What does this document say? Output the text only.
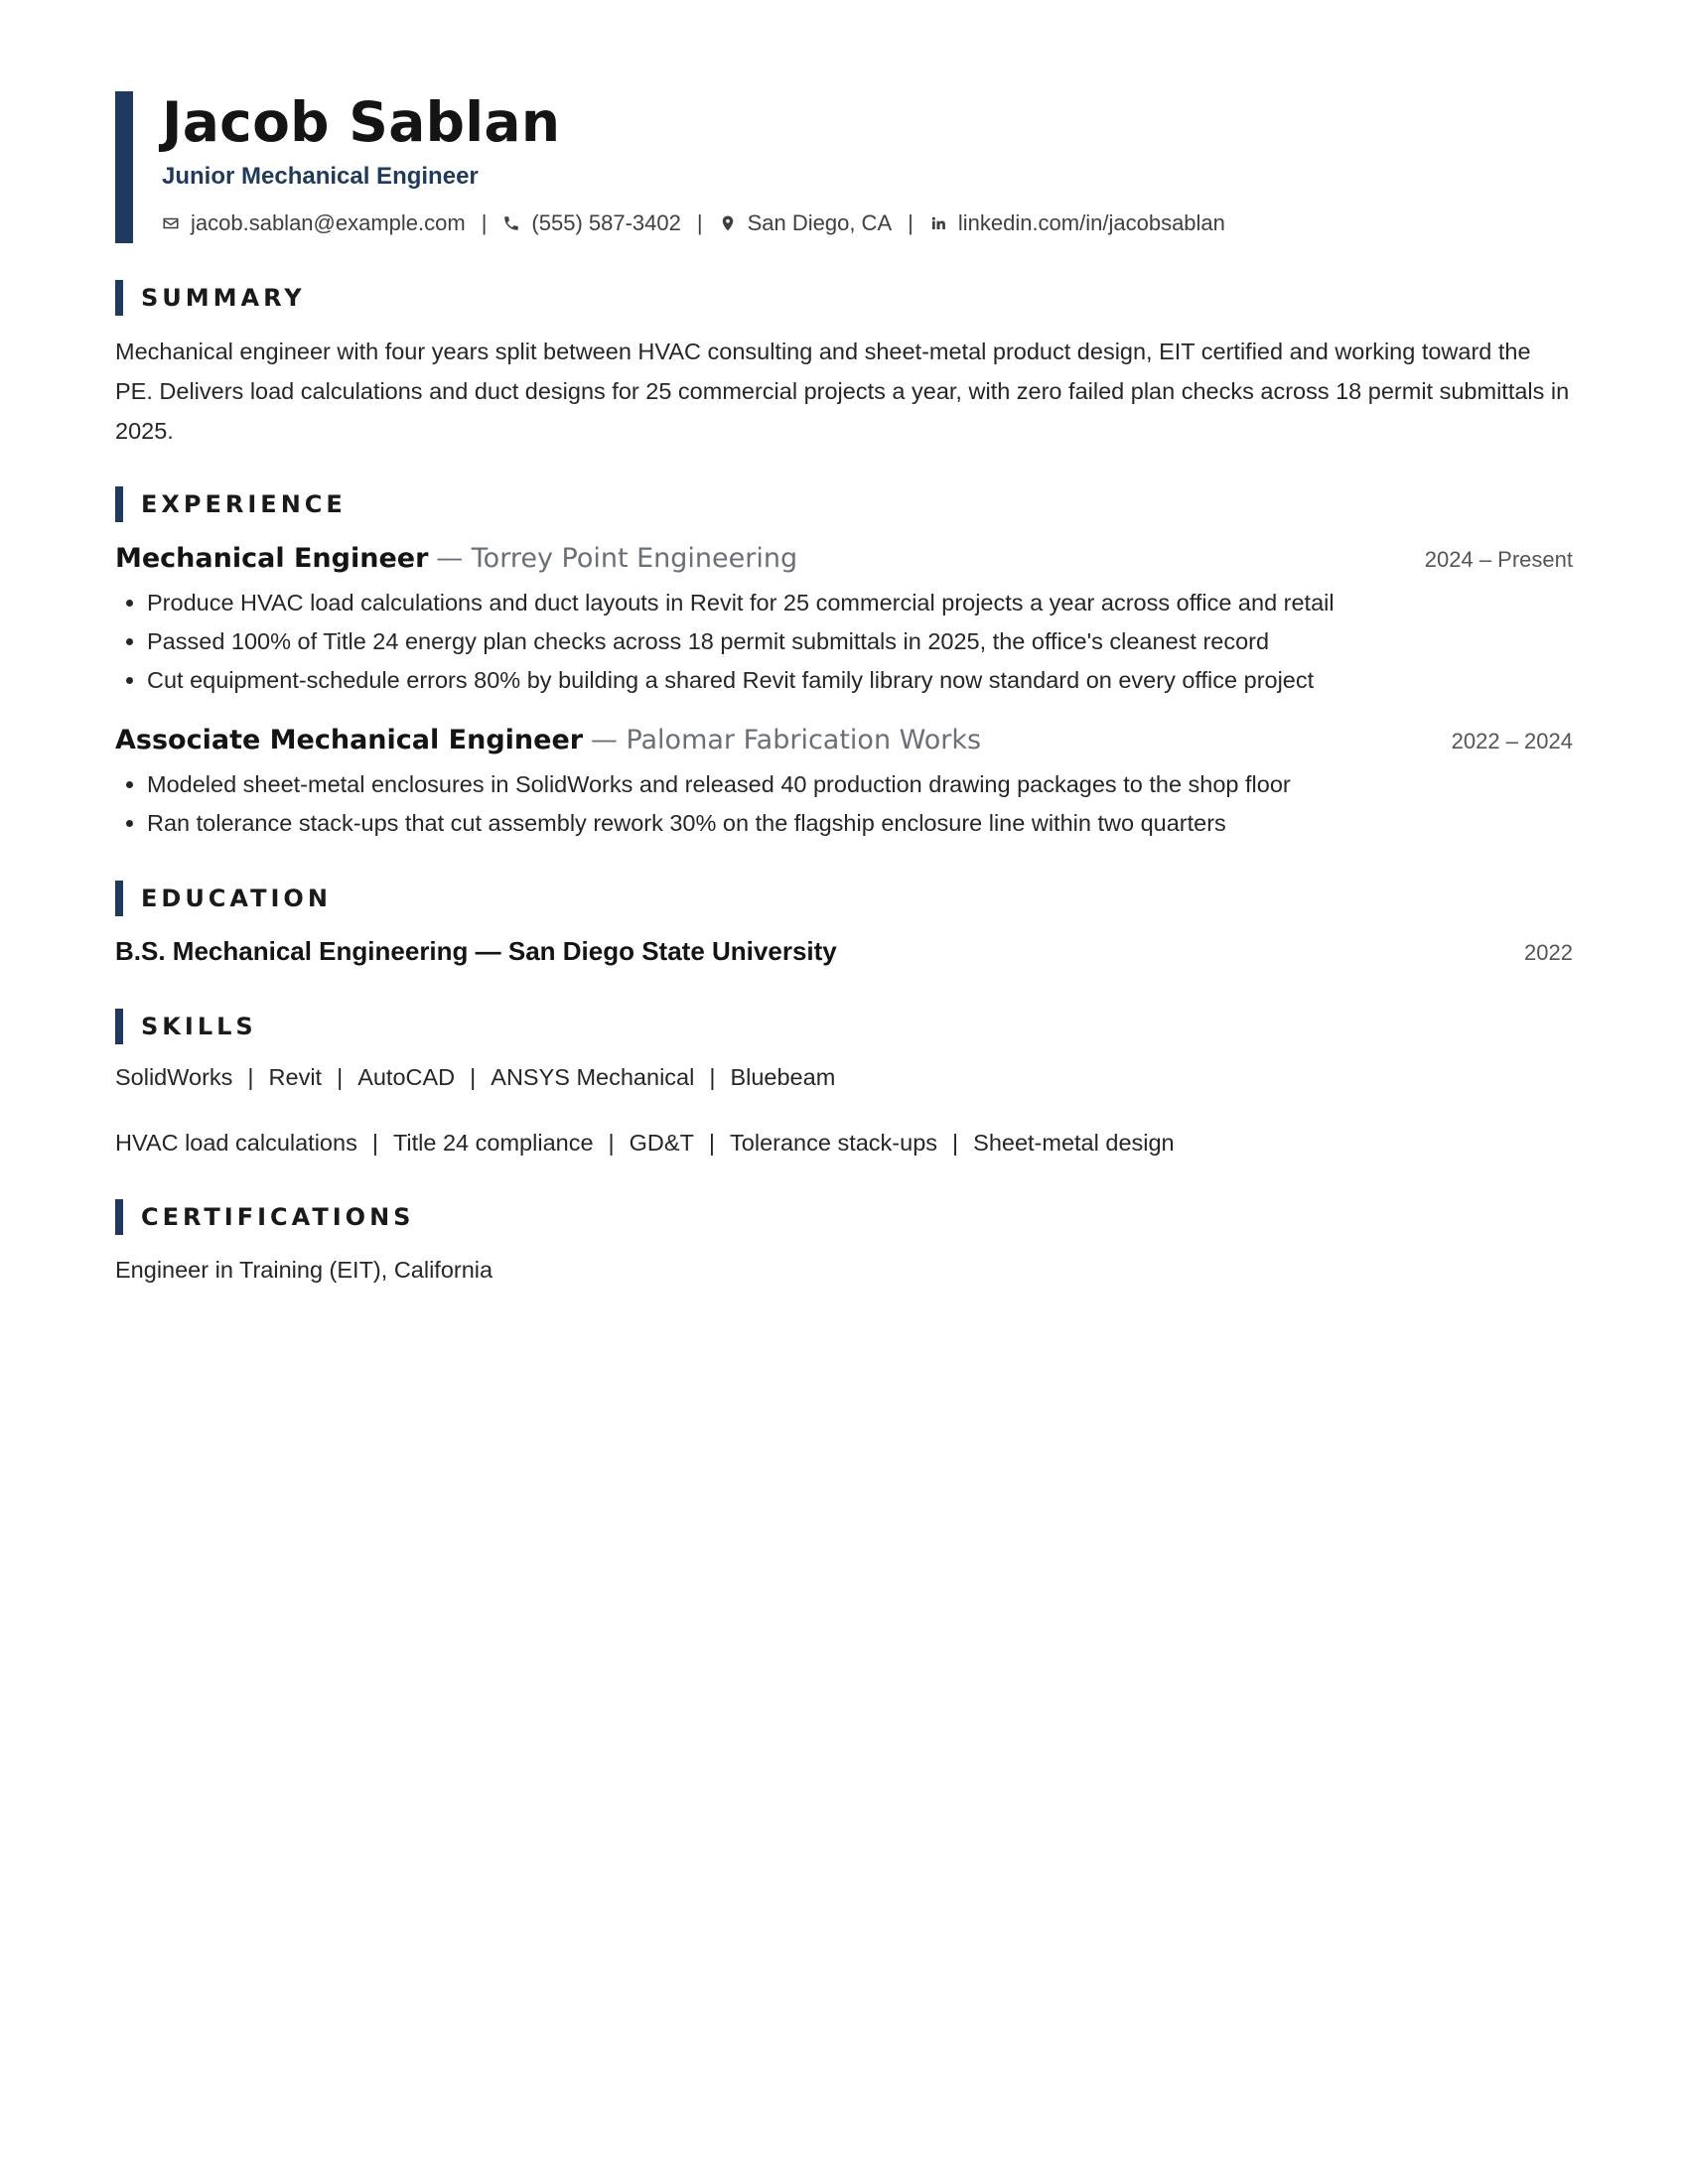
Jacob Sablan
Junior Mechanical Engineer
jacob.sablan@example.com | (555) 587-3402 | San Diego, CA | linkedin.com/in/jacobsablan
SUMMARY
Mechanical engineer with four years split between HVAC consulting and sheet-metal product design, EIT certified and working toward the PE. Delivers load calculations and duct designs for 25 commercial projects a year, with zero failed plan checks across 18 permit submittals in 2025.
EXPERIENCE
Mechanical Engineer — Torrey Point Engineering	2024 – Present
• Produce HVAC load calculations and duct layouts in Revit for 25 commercial projects a year across office and retail
• Passed 100% of Title 24 energy plan checks across 18 permit submittals in 2025, the office's cleanest record
• Cut equipment-schedule errors 80% by building a shared Revit family library now standard on every office project
Associate Mechanical Engineer — Palomar Fabrication Works	2022 – 2024
• Modeled sheet-metal enclosures in SolidWorks and released 40 production drawing packages to the shop floor
• Ran tolerance stack-ups that cut assembly rework 30% on the flagship enclosure line within two quarters
EDUCATION
B.S. Mechanical Engineering — San Diego State University	2022
SKILLS
SolidWorks | Revit | AutoCAD | ANSYS Mechanical | Bluebeam
HVAC load calculations | Title 24 compliance | GD&T | Tolerance stack-ups | Sheet-metal design
CERTIFICATIONS
Engineer in Training (EIT), California
